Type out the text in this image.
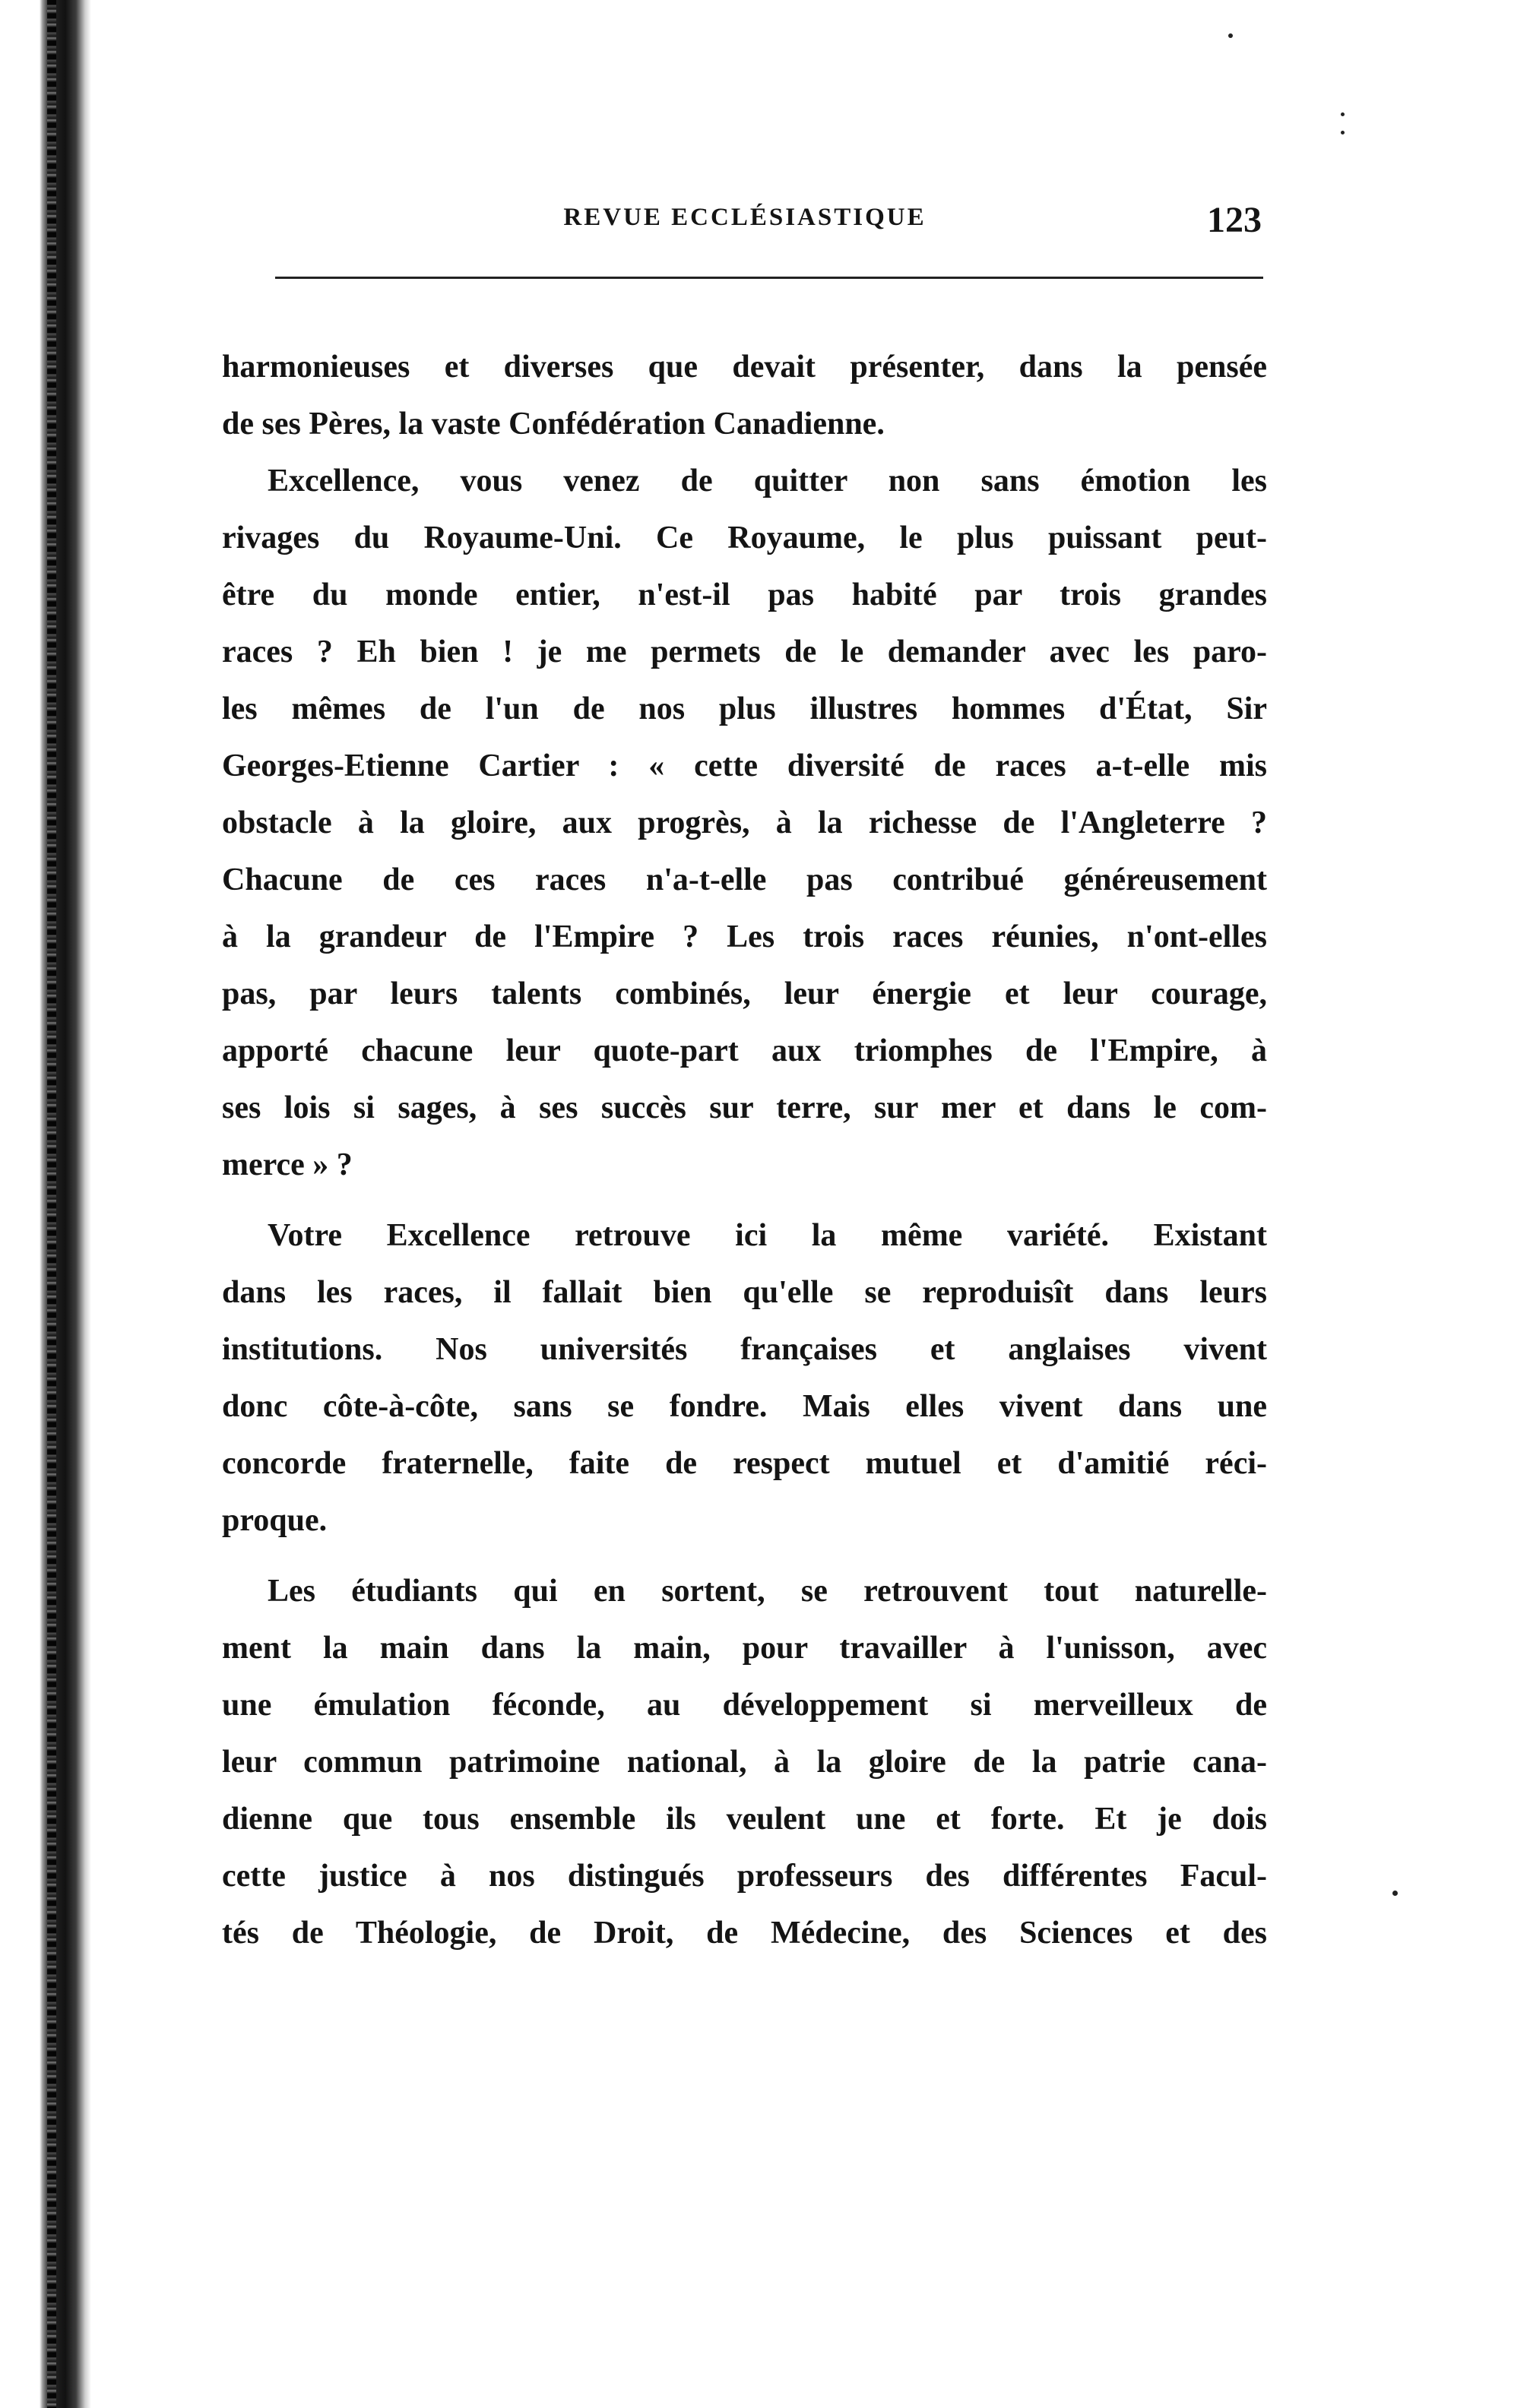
REVUE ECCLÉSIASTIQUE	123

harmonieuses et diverses que devait présenter, dans la pensée
de ses Pères, la vaste Confédération Canadienne.

Excellence, vous venez de quitter non sans émotion les
rivages du Royaume-Uni. Ce Royaume, le plus puissant peut-
être du monde entier, n'est-il pas habité par trois grandes
races ? Eh bien ! je me permets de le demander avec les paro-
les mêmes de l'un de nos plus illustres hommes d'État, Sir
Georges-Etienne Cartier : « cette diversité de races a-t-elle mis
obstacle à la gloire, aux progrès, à la richesse de l'Angleterre ?
Chacune de ces races n'a-t-elle pas contribué généreusement
à la grandeur de l'Empire ? Les trois races réunies, n'ont-elles
pas, par leurs talents combinés, leur énergie et leur courage,
apporté chacune leur quote-part aux triomphes de l'Empire, à
ses lois si sages, à ses succès sur terre, sur mer et dans le com-
merce » ?

Votre Excellence retrouve ici la même variété. Existant
dans les races, il fallait bien qu'elle se reproduisît dans leurs
institutions. Nos universités françaises et anglaises vivent
donc côte-à-côte, sans se fondre. Mais elles vivent dans une
concorde fraternelle, faite de respect mutuel et d'amitié réci-
proque.

Les étudiants qui en sortent, se retrouvent tout naturelle-
ment la main dans la main, pour travailler à l'unisson, avec
une émulation féconde, au développement si merveilleux de
leur commun patrimoine national, à la gloire de la patrie cana-
dienne que tous ensemble ils veulent une et forte. Et je dois
cette justice à nos distingués professeurs des différentes Facul-
tés de Théologie, de Droit, de Médecine, des Sciences et des
